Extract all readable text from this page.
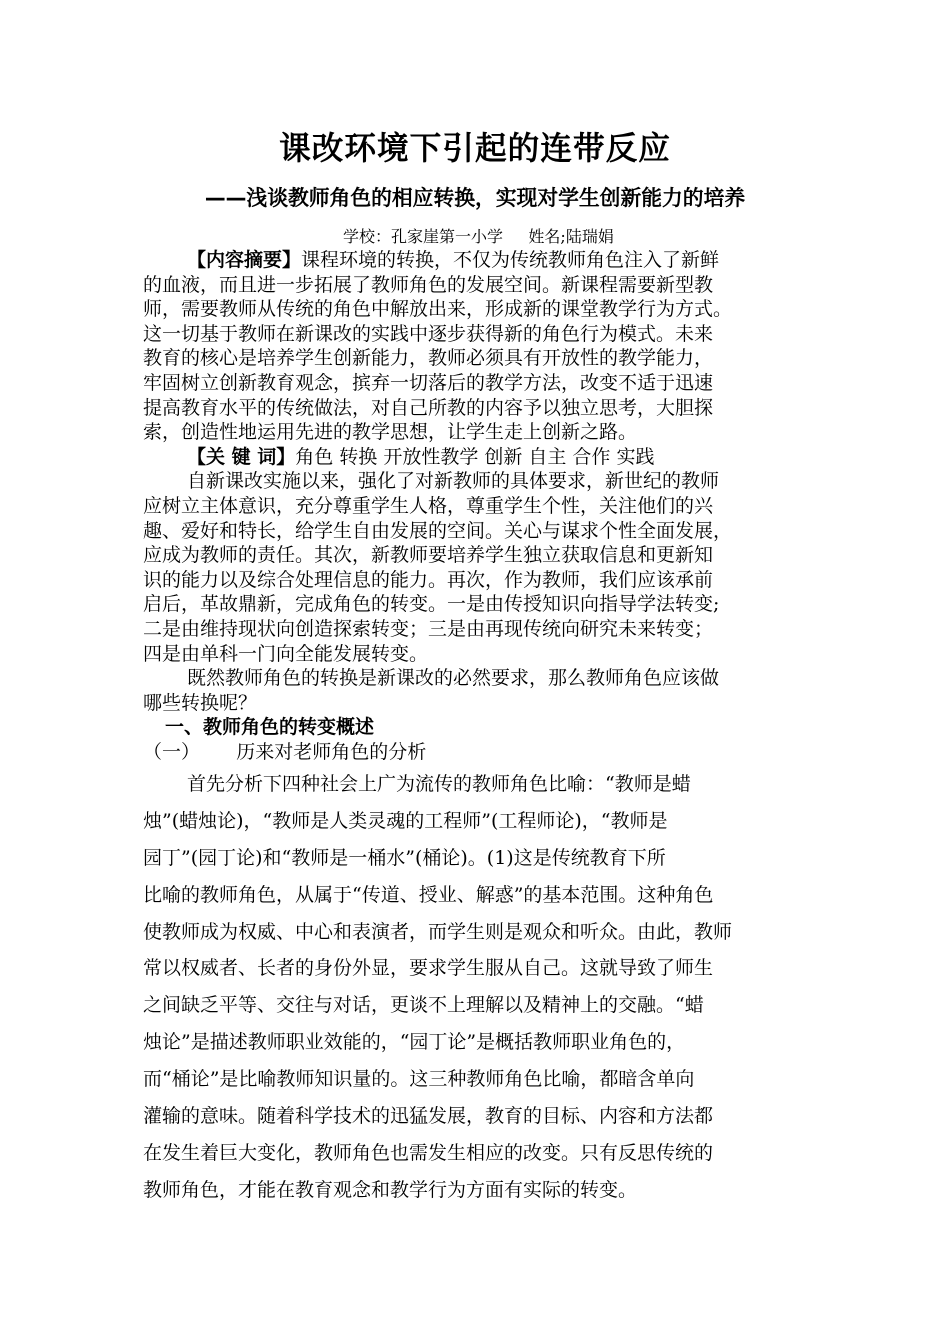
课改环境下引起的连带反应
——浅谈教师角色的相应转换，实现对学生创新能力的培养
学校：孔家崖第一小学     姓名;陆瑞娟
【内容摘要】课程环境的转换，不仅为传统教师角色注入了新鲜
的血液，而且进一步拓展了教师角色的发展空间。新课程需要新型教
师，需要教师从传统的角色中解放出来，形成新的课堂教学行为方式。
这一切基于教师在新课改的实践中逐步获得新的角色行为模式。未来
教育的核心是培养学生创新能力，教师必须具有开放性的教学能力，
牢固树立创新教育观念，摈弃一切落后的教学方法，改变不适于迅速
提高教育水平的传统做法，对自己所教的内容予以独立思考，大胆探
索，创造性地运用先进的教学思想，让学生走上创新之路。
【关 键 词】角色 转换 开放性教学 创新 自主 合作 实践
自新课改实施以来，强化了对新教师的具体要求，新世纪的教师
应树立主体意识，充分尊重学生人格，尊重学生个性，关注他们的兴
趣、爱好和特长，给学生自由发展的空间。关心与谋求个性全面发展，
应成为教师的责任。其次，新教师要培养学生独立获取信息和更新知
识的能力以及综合处理信息的能力。再次，作为教师，我们应该承前
启后，革故鼎新，完成角色的转变。一是由传授知识向指导学法转变;
二是由维持现状向创造探索转变；三是由再现传统向研究未来转变；
四是由单科一门向全能发展转变。
既然教师角色的转换是新课改的必然要求，那么教师角色应该做
哪些转换呢？
一、教师角色的转变概述
（一）      历来对老师角色的分析
首先分析下四种社会上广为流传的教师角色比喻：“教师是蜡
烛”(蜡烛论)，“教师是人类灵魂的工程师”(工程师论)，“教师是
园丁”(园丁论)和“教师是一桶水”(桶论)。(1)这是传统教育下所
比喻的教师角色，从属于“传道、授业、解惑”的基本范围。这种角色
使教师成为权威、中心和表演者，而学生则是观众和听众。由此，教师
常以权威者、长者的身份外显，要求学生服从自己。这就导致了师生
之间缺乏平等、交往与对话，更谈不上理解以及精神上的交融。“蜡
烛论”是描述教师职业效能的，“园丁论”是概括教师职业角色的，
而“桶论”是比喻教师知识量的。这三种教师角色比喻，都暗含单向
灌输的意味。随着科学技术的迅猛发展，教育的目标、内容和方法都
在发生着巨大变化，教师角色也需发生相应的改变。只有反思传统的
教师角色，才能在教育观念和教学行为方面有实际的转变。
